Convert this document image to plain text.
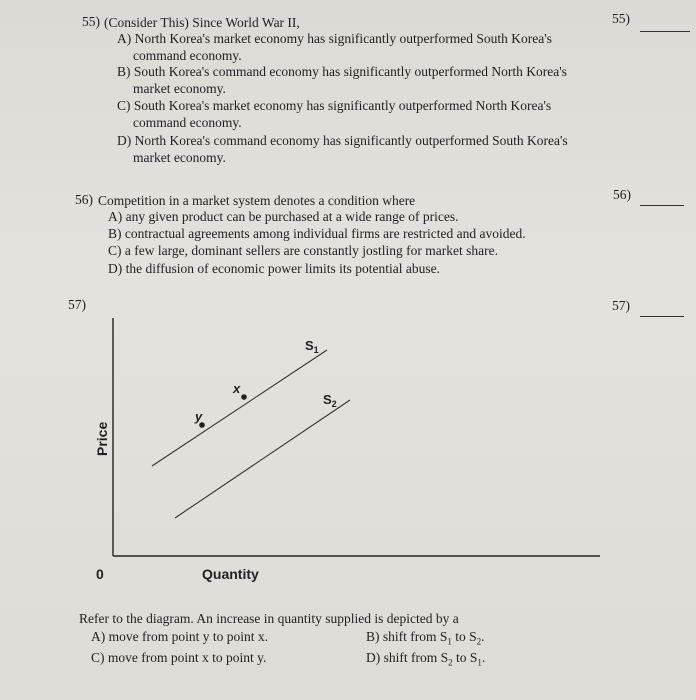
55) (Consider This) Since World War II,
A) North Korea's market economy has significantly outperformed South Korea's
command economy.
B) South Korea's command economy has significantly outperformed North Korea's
market economy.
C) South Korea's market economy has significantly outperformed North Korea's
command economy.
D) North Korea's command economy has significantly outperformed South Korea's
market economy.
55)
56) Competition in a market system denotes a condition where
A) any given product can be purchased at a wide range of prices.
B) contractual agreements among individual firms are restricted and avoided.
C) a few large, dominant sellers are constantly jostling for market share.
D) the diffusion of economic power limits its potential abuse.
56)
57)	57)
Price
Quantity
0
x
y
$S_1$
$S_2$
Refer to the diagram. An increase in quantity supplied is depicted by a
A) move from point y to point x.	B) shift from $S_1$ to $S_2$.
C) move from point x to point y.	D) shift from $S_2$ to $S_1$.
